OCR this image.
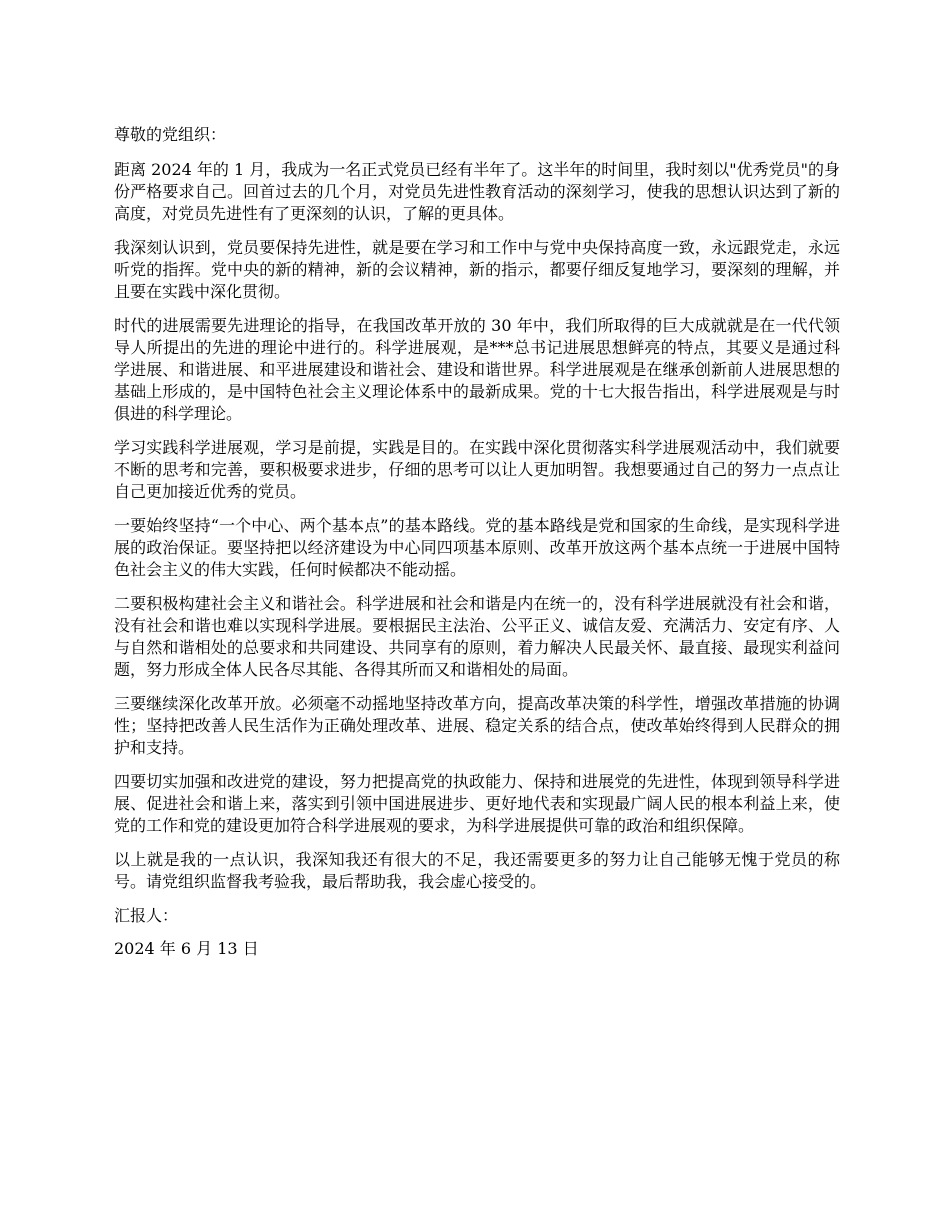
尊敬的党组织：

距离 2024 年的 1 月，我成为一名正式党员已经有半年了。这半年的时间里，我时刻以"优秀党员"的身份严格要求自己。回首过去的几个月，对党员先进性教育活动的深刻学习，使我的思想认识达到了新的高度，对党员先进性有了更深刻的认识，了解的更具体。

我深刻认识到，党员要保持先进性，就是要在学习和工作中与党中央保持高度一致，永远跟党走，永远听党的指挥。党中央的新的精神，新的会议精神，新的指示，都要仔细反复地学习，要深刻的理解，并且要在实践中深化贯彻。

时代的进展需要先进理论的指导，在我国改革开放的 30 年中，我们所取得的巨大成就就是在一代代领导人所提出的先进的理论中进行的。科学进展观，是***总书记进展思想鲜亮的特点，其要义是通过科学进展、和谐进展、和平进展建设和谐社会、建设和谐世界。科学进展观是在继承创新前人进展思想的基础上形成的，是中国特色社会主义理论体系中的最新成果。党的十七大报告指出，科学进展观是与时俱进的科学理论。

学习实践科学进展观，学习是前提，实践是目的。在实践中深化贯彻落实科学进展观活动中，我们就要不断的思考和完善，要积极要求进步，仔细的思考可以让人更加明智。我想要通过自己的努力一点点让自己更加接近优秀的党员。

一要始终坚持“一个中心、两个基本点”的基本路线。党的基本路线是党和国家的生命线，是实现科学进展的政治保证。要坚持把以经济建设为中心同四项基本原则、改革开放这两个基本点统一于进展中国特色社会主义的伟大实践，任何时候都决不能动摇。

二要积极构建社会主义和谐社会。科学进展和社会和谐是内在统一的，没有科学进展就没有社会和谐，没有社会和谐也难以实现科学进展。要根据民主法治、公平正义、诚信友爱、充满活力、安定有序、人与自然和谐相处的总要求和共同建设、共同享有的原则，着力解决人民最关怀、最直接、最现实利益问题，努力形成全体人民各尽其能、各得其所而又和谐相处的局面。

三要继续深化改革开放。必须毫不动摇地坚持改革方向，提高改革决策的科学性，增强改革措施的协调性；坚持把改善人民生活作为正确处理改革、进展、稳定关系的结合点，使改革始终得到人民群众的拥护和支持。

四要切实加强和改进党的建设，努力把提高党的执政能力、保持和进展党的先进性，体现到领导科学进展、促进社会和谐上来，落实到引领中国进展进步、更好地代表和实现最广阔人民的根本利益上来，使党的工作和党的建设更加符合科学进展观的要求，为科学进展提供可靠的政治和组织保障。

以上就是我的一点认识，我深知我还有很大的不足，我还需要更多的努力让自己能够无愧于党员的称号。请党组织监督我考验我，最后帮助我，我会虚心接受的。

汇报人：

2024 年 6 月 13 日
